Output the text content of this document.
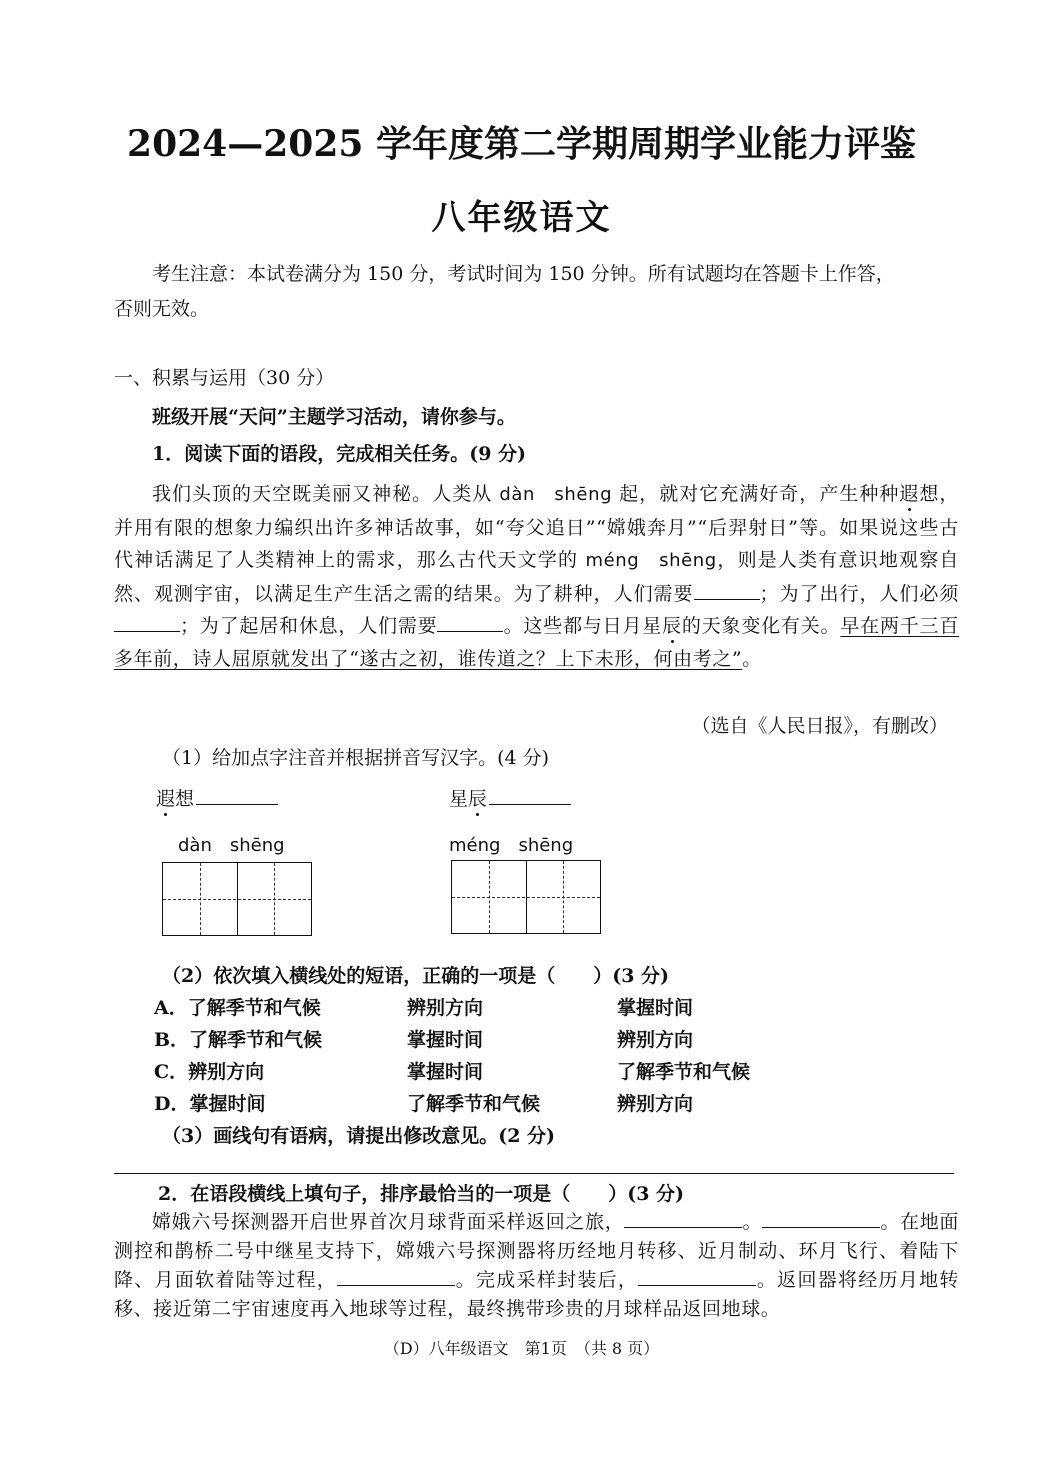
2024—2025 学年度第二学期周期学业能力评鉴
八年级语文
考生注意：本试卷满分为 150 分，考试时间为 150 分钟。所有试题均在答题卡上作答，
否则无效。
一、积累与运用（30 分）
班级开展“天问”主题学习活动，请你参与。
1．阅读下面的语段，完成相关任务。(9 分)
我们头顶的天空既美丽又神秘。人类从 dàn　shēng 起，就对它充满好奇，产生种种遐想，并用有限的想象力编织出许多神话故事，如“夸父追日”“嫦娥奔月”“后羿射日”等。如果说这些古代神话满足了人类精神上的需求，那么古代天文学的 méng　shēng，则是人类有意识地观察自然、观测宇宙，以满足生产生活之需的结果。为了耕种，人们需要	；为了出行，人们必须；为了起居和休息，人们需要	。这些都与日月星辰的天象变化有关。早在两千三百多年前，诗人屈原就发出了“遂古之初，谁传道之？上下未形，何由考之”。
（选自《人民日报》，有删改）
（1）给加点字注音并根据拼音写汉字。(4 分)
遐想	星辰
dàn　shēng	méng　shēng
（2）依次填入横线处的短语，正确的一项是（　　）(3 分)
A．了解季节和气候	辨别方向	掌握时间
B．了解季节和气候	掌握时间	辨别方向
C．辨别方向	掌握时间	了解季节和气候
D．掌握时间	了解季节和气候	辨别方向
（3）画线句有语病，请提出修改意见。(2 分)
2．在语段横线上填句子，排序最恰当的一项是（　　）(3 分)
嫦娥六号探测器开启世界首次月球背面采样返回之旅，	。	。在地面测控和鹊桥二号中继星支持下，嫦娥六号探测器将历经地月转移、近月制动、环月飞行、着陆下降、月面软着陆等过程，	。完成采样封装后，	。返回器将经历月地转移、接近第二宇宙速度再入地球等过程，最终携带珍贵的月球样品返回地球。
（D）八年级语文　第1页　（共 8 页）
